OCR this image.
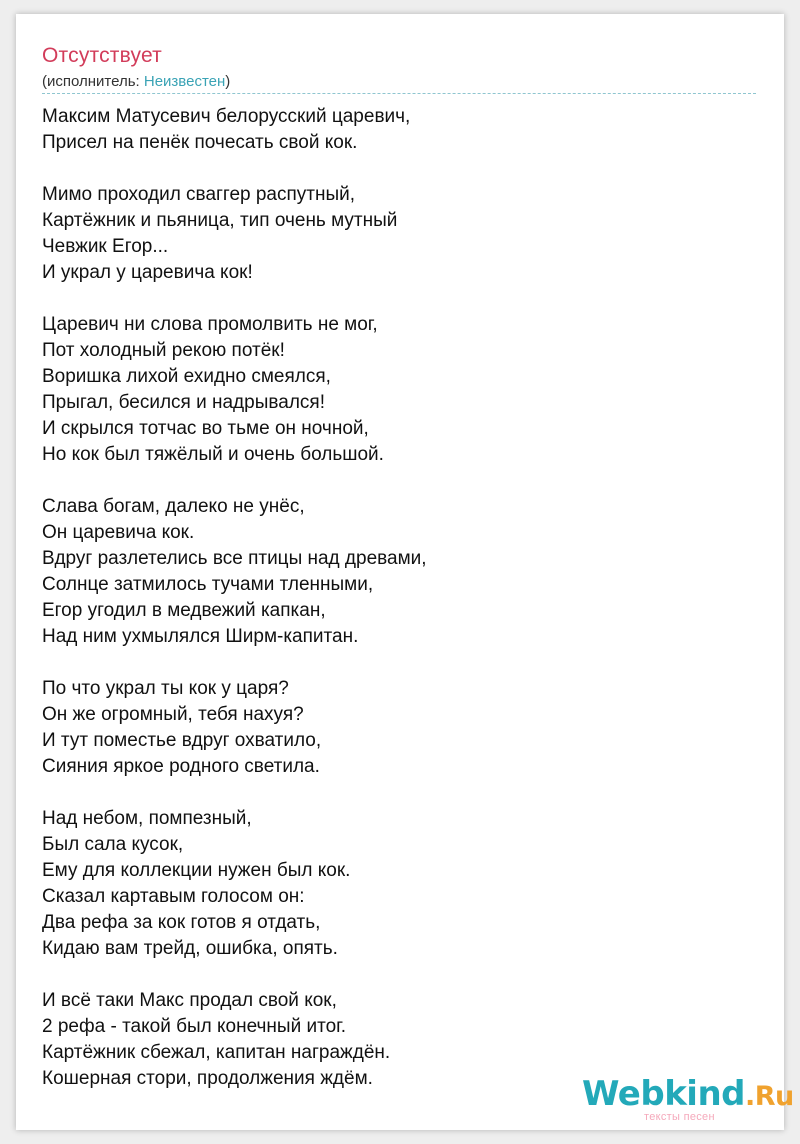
Отсутствует
(исполнитель: Неизвестен)
Максим Матусевич белорусский царевич,
Присел на пенёк почесать свой кок.
Мимо проходил сваггер распутный,
Картёжник и пьяница, тип очень мутный
Чевжик Егор...
И украл у царевича кок!
Царевич ни слова промолвить не мог,
Пот холодный рекою потёк!
Воришка лихой ехидно смеялся,
Прыгал, бесился и надрывался!
И скрылся тотчас во тьме он ночной,
Но кок был тяжёлый и очень большой.
Слава богам, далеко не унёс,
Он царевича кок.
Вдруг разлетелись все птицы над древами,
Солнце затмилось тучами тленными,
Егор угодил в медвежий капкан,
Над ним ухмылялся Ширм-капитан.
По что украл ты кок у царя?
Он же огромный, тебя нахуя?
И тут поместье вдруг охватило,
Сияния яркое родного светила.
Над небом, помпезный,
Был сала кусок,
Ему для коллекции нужен был кок.
Сказал картавым голосом он:
Два рефа за кок готов я отдать,
Кидаю вам трейд, ошибка, опять.
И всё таки Макс продал свой кок,
2 рефа - такой был конечный итог.
Картёжник сбежал, капитан награждён.
Кошерная стори, продолжения ждём.	Webkind.Ru
тексты песен
